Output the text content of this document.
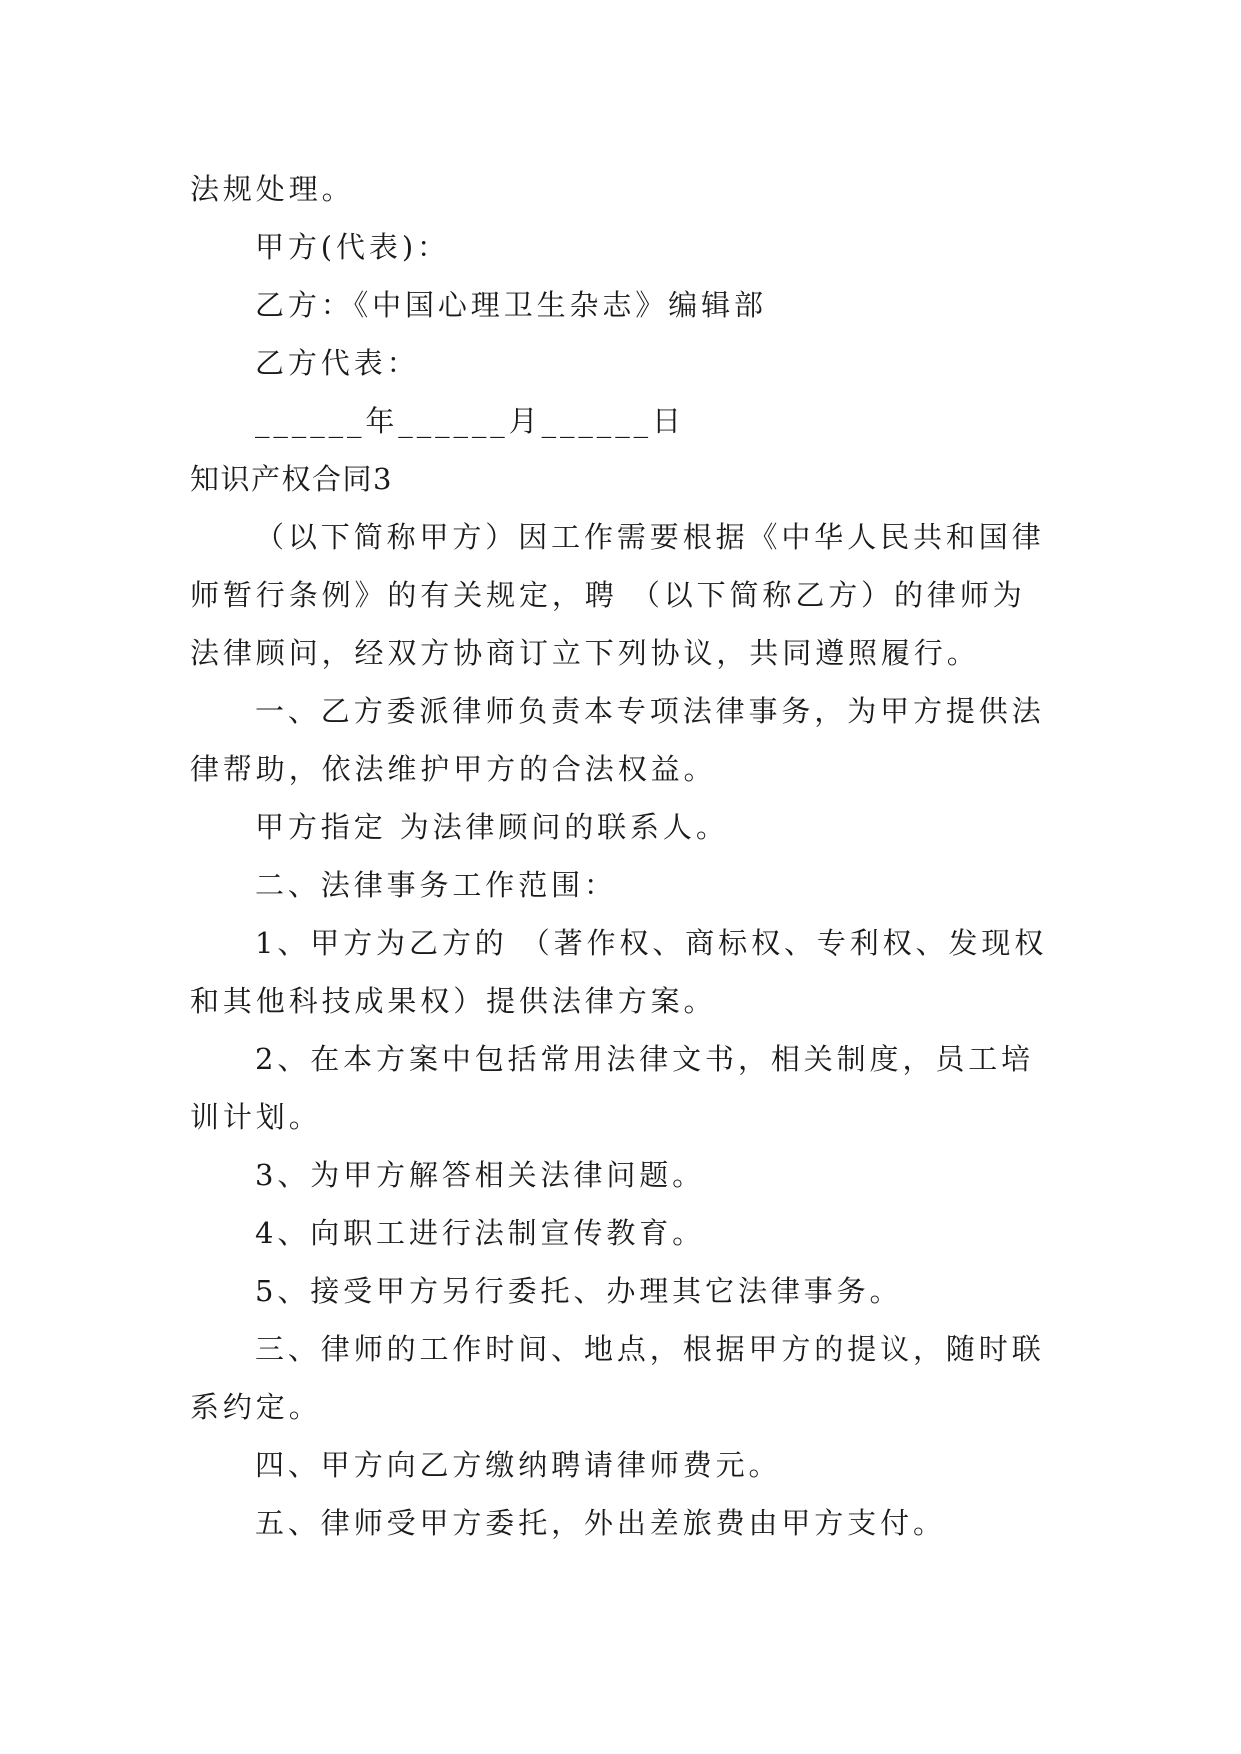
法规处理。
甲方(代表)：
乙方：《中国心理卫生杂志》编辑部
乙方代表：
______年______月______日
知识产权合同3
（以下简称甲方）因工作需要根据《中华人民共和国律
师暂行条例》的有关规定，聘 （以下简称乙方）的律师为
法律顾问，经双方协商订立下列协议，共同遵照履行。
一、乙方委派律师负责本专项法律事务，为甲方提供法
律帮助，依法维护甲方的合法权益。
甲方指定 为法律顾问的联系人。
二、法律事务工作范围：
1、甲方为乙方的 （著作权、商标权、专利权、发现权
和其他科技成果权）提供法律方案。
2、在本方案中包括常用法律文书，相关制度，员工培
训计划。
3、为甲方解答相关法律问题。
4、向职工进行法制宣传教育。
5、接受甲方另行委托、办理其它法律事务。
三、律师的工作时间、地点，根据甲方的提议，随时联
系约定。
四、甲方向乙方缴纳聘请律师费元。
五、律师受甲方委托，外出差旅费由甲方支付。
